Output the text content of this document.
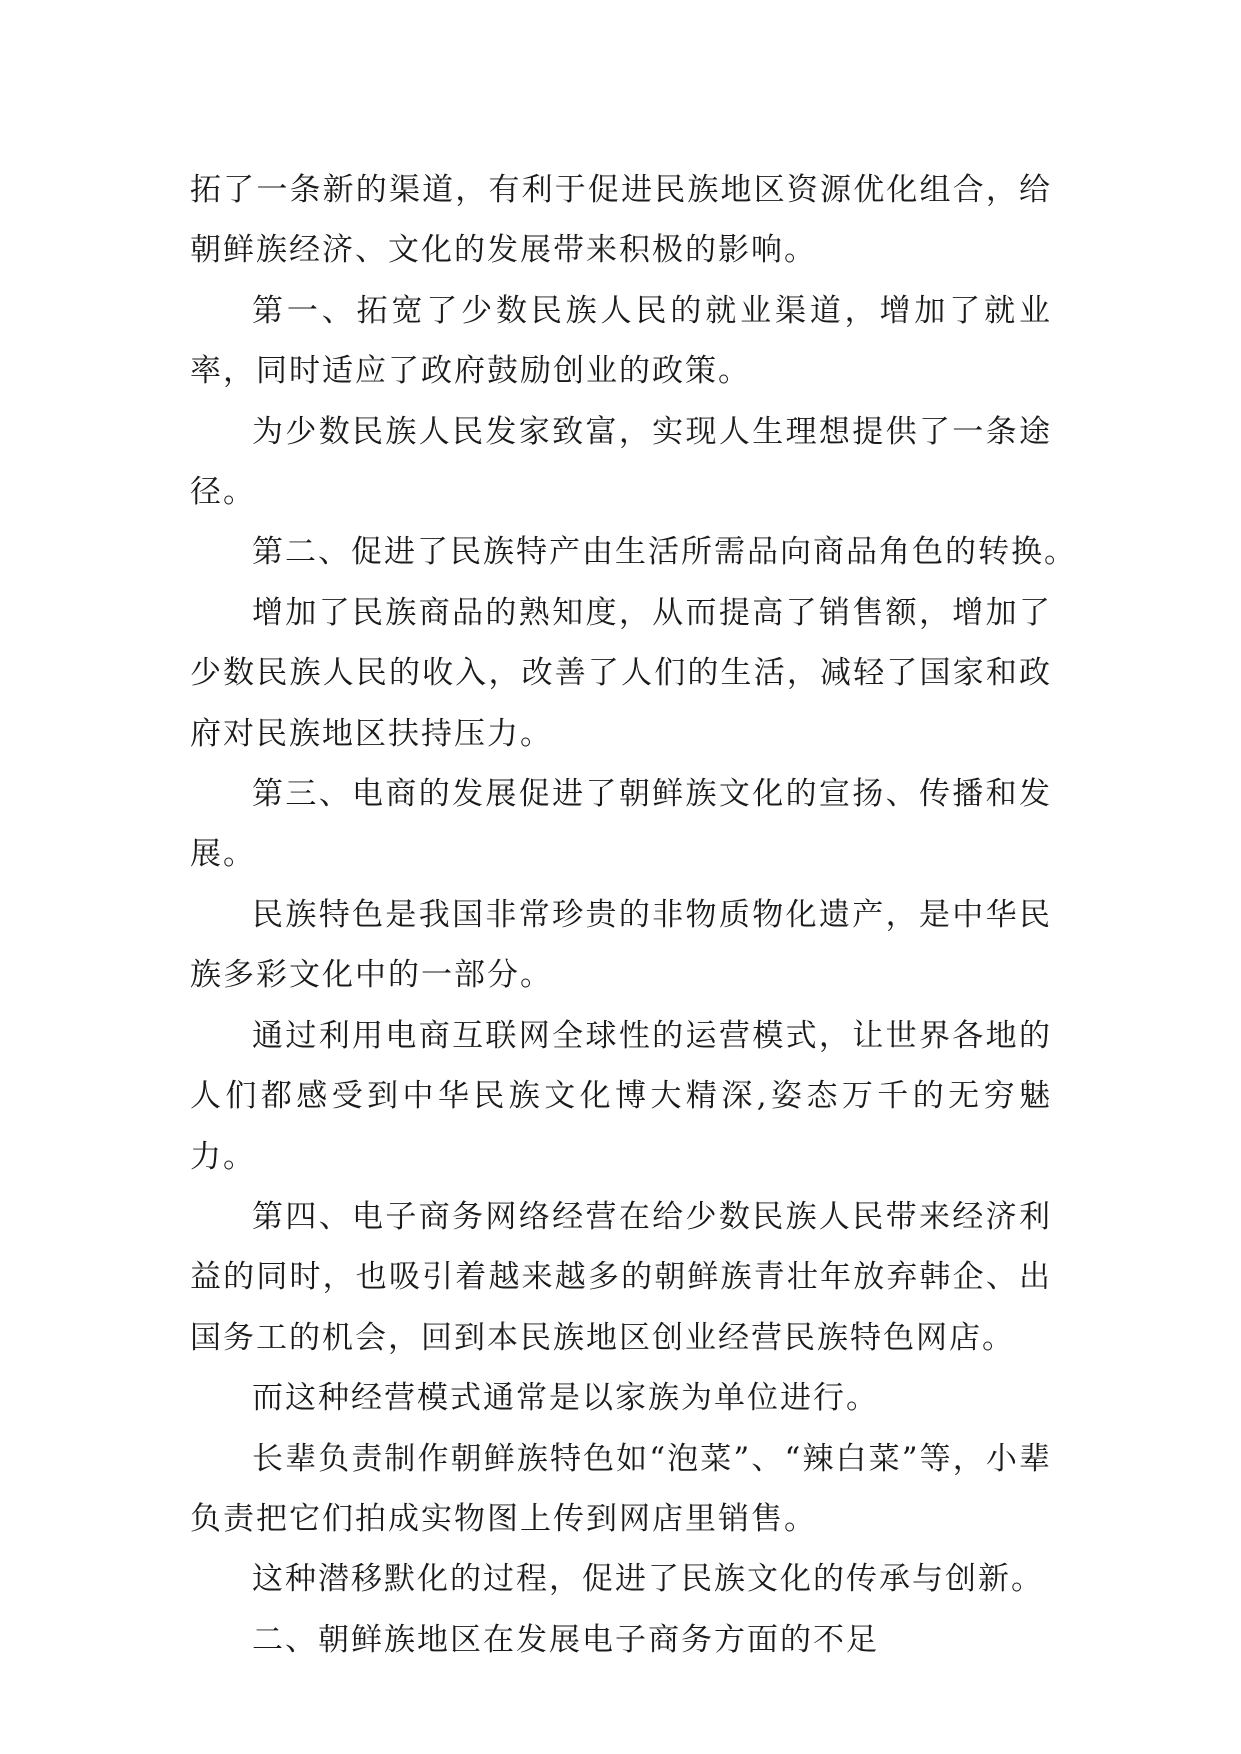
拓了一条新的渠道，有利于促进民族地区资源优化组合，给朝鲜族经济、文化的发展带来积极的影响。

第一、拓宽了少数民族人民的就业渠道，增加了就业率，同时适应了政府鼓励创业的政策。

为少数民族人民发家致富，实现人生理想提供了一条途径。

第二、促进了民族特产由生活所需品向商品角色的转换。

增加了民族商品的熟知度，从而提高了销售额，增加了少数民族人民的收入，改善了人们的生活，减轻了国家和政府对民族地区扶持压力。

第三、电商的发展促进了朝鲜族文化的宣扬、传播和发展。

民族特色是我国非常珍贵的非物质物化遗产，是中华民族多彩文化中的一部分。

通过利用电商互联网全球性的运营模式，让世界各地的人们都感受到中华民族文化博大精深,姿态万千的无穷魅力。

第四、电子商务网络经营在给少数民族人民带来经济利益的同时，也吸引着越来越多的朝鲜族青壮年放弃韩企、出国务工的机会，回到本民族地区创业经营民族特色网店。

而这种经营模式通常是以家族为单位进行。

长辈负责制作朝鲜族特色如“泡菜”、“辣白菜”等，小辈负责把它们拍成实物图上传到网店里销售。

这种潜移默化的过程，促进了民族文化的传承与创新。

二、朝鲜族地区在发展电子商务方面的不足
